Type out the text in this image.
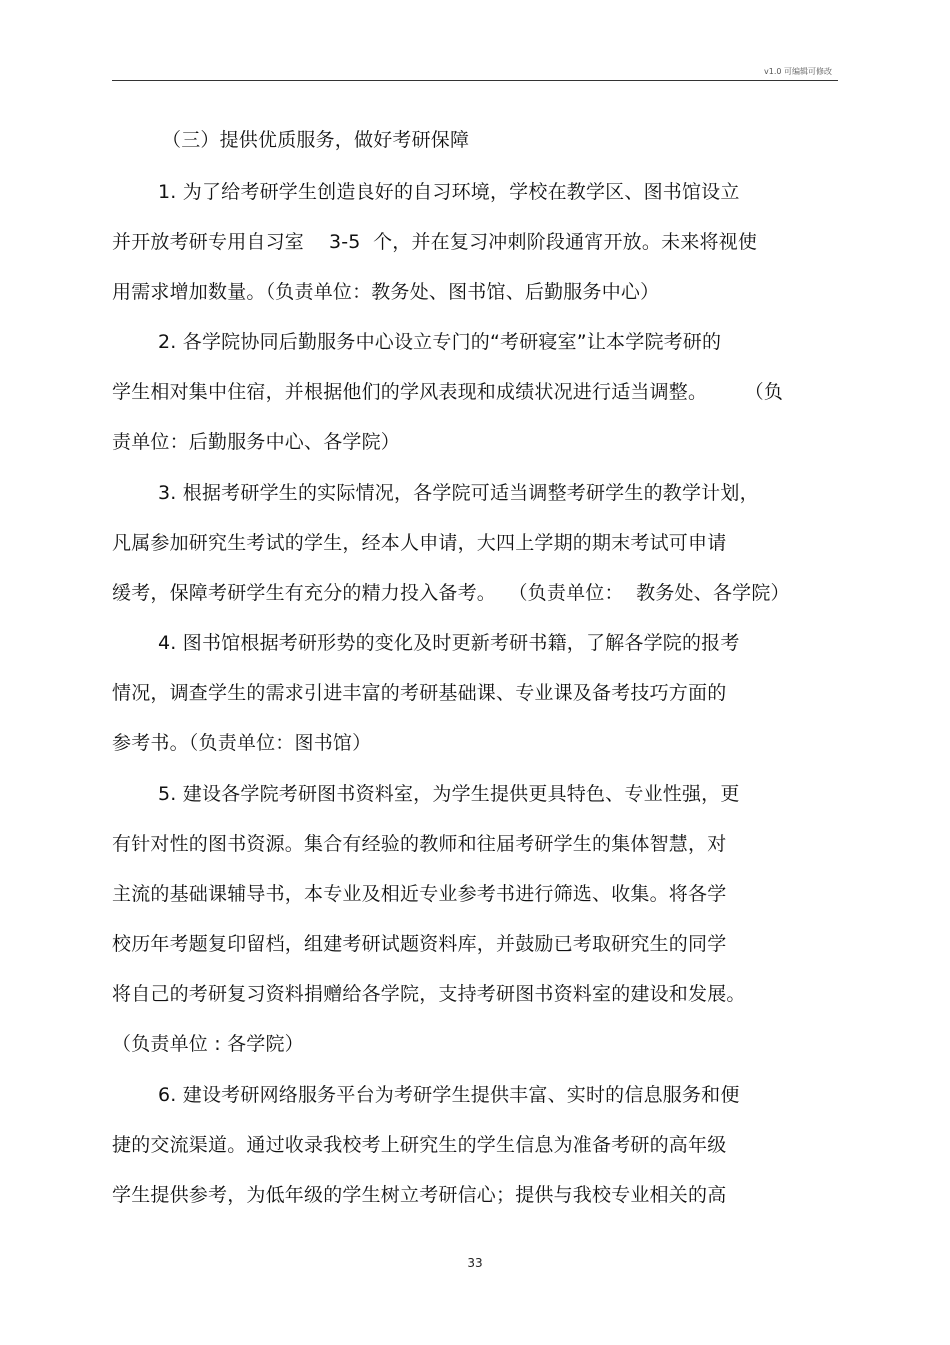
v1.0 可编辑可修改
（三）提供优质服务，做好考研保障
1. 为了给考研学生创造良好的自习环境，学校在教学区、图书馆设立
并开放考研专用自习室    3-5  个，并在复习冲刺阶段通宵开放。未来将视使
用需求增加数量。（负责单位：教务处、图书馆、后勤服务中心）
2. 各学院协同后勤服务中心设立专门的“考研寝室”让本学院考研的
学生相对集中住宿，并根据他们的学风表现和成绩状况进行适当调整。      （负
责单位：后勤服务中心、各学院）
3. 根据考研学生的实际情况，各学院可适当调整考研学生的教学计划，
凡属参加研究生考试的学生，经本人申请，大四上学期的期末考试可申请
缓考，保障考研学生有充分的精力投入备考。  （负责单位：  教务处、各学院）
4. 图书馆根据考研形势的变化及时更新考研书籍，了解各学院的报考
情况，调查学生的需求引进丰富的考研基础课、专业课及备考技巧方面的
参考书。（负责单位：图书馆）
5. 建设各学院考研图书资料室，为学生提供更具特色、专业性强，更
有针对性的图书资源。集合有经验的教师和往届考研学生的集体智慧，对
主流的基础课辅导书，本专业及相近专业参考书进行筛选、收集。将各学
校历年考题复印留档，组建考研试题资料库，并鼓励已考取研究生的同学
将自己的考研复习资料捐赠给各学院，支持考研图书资料室的建设和发展。
（负责单位 : 各学院）
6. 建设考研网络服务平台为考研学生提供丰富、实时的信息服务和便
捷的交流渠道。通过收录我校考上研究生的学生信息为准备考研的高年级
学生提供参考，为低年级的学生树立考研信心；提供与我校专业相关的高
33
